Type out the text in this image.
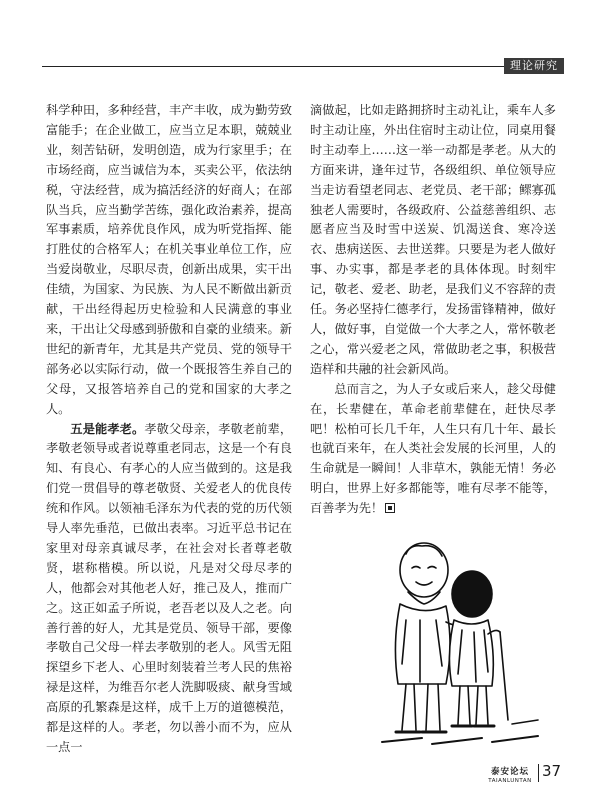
理论研究

科学种田，多种经营，丰产丰收，成为勤劳致富能手；在企业做工，应当立足本职，兢兢业业，刻苦钻研，发明创造，成为行家里手；在市场经商，应当诚信为本，买卖公平，依法纳税，守法经营，成为搞活经济的好商人；在部队当兵，应当勤学苦练，强化政治素养，提高军事素质，培养优良作风，成为听党指挥、能打胜仗的合格军人；在机关事业单位工作，应当爱岗敬业，尽职尽责，创新出成果，实干出佳绩，为国家、为民族、为人民不断做出新贡献，干出经得起历史检验和人民满意的事业来，干出让父母感到骄傲和自豪的业绩来。新世纪的新青年，尤其是共产党员、党的领导干部务必以实际行动，做一个既报答生养自己的父母，又报答培养自己的党和国家的大孝之人。

五是能孝老。孝敬父母亲，孝敬老前辈，孝敬老领导或者说尊重老同志，这是一个有良知、有良心、有孝心的人应当做到的。这是我们党一贯倡导的尊老敬贤、关爱老人的优良传统和作风。以领袖毛泽东为代表的党的历代领导人率先垂范，已做出表率。习近平总书记在家里对母亲真诚尽孝，在社会对长者尊老敬贤，堪称楷模。所以说，凡是对父母尽孝的人，他都会对其他老人好，推己及人，推而广之。这正如孟子所说，老吾老以及人之老。向善行善的好人，尤其是党员、领导干部，要像孝敬自己父母一样去孝敬别的老人。风雪无阻探望乡下老人、心里时刻装着兰考人民的焦裕禄是这样，为维吾尔老人洗脚吸痰、献身雪域高原的孔繁森是这样，成千上万的道德模范，都是这样的人。孝老，勿以善小而不为，应从一点一

滴做起，比如走路拥挤时主动礼让，乘车人多时主动让座，外出住宿时主动让位，同桌用餐时主动奉上……这一举一动都是孝老。从大的方面来讲，逢年过节，各级组织、单位领导应当走访看望老同志、老党员、老干部；鳏寡孤独老人需要时，各级政府、公益慈善组织、志愿者应当及时雪中送炭、饥渴送食、寒冷送衣、患病送医、去世送葬。只要是为老人做好事、办实事，都是孝老的具体体现。时刻牢记，敬老、爱老、助老，是我们义不容辞的责任。务必坚持仁德孝行，发扬雷锋精神，做好人，做好事，自觉做一个大孝之人，常怀敬老之心，常兴爱老之风，常做助老之事，积极营造样和共融的社会新风尚。

总而言之，为人子女或后来人，趁父母健在，长辈健在，革命老前辈健在，赶快尽孝吧！松柏可长几千年，人生只有几十年、最长也就百来年，在人类社会发展的长河里，人的生命就是一瞬间！人非草木，孰能无情！务必明白，世界上好多都能等，唯有尽孝不能等，百善孝为先！

泰安论坛
TAIANLUNTAN
37
